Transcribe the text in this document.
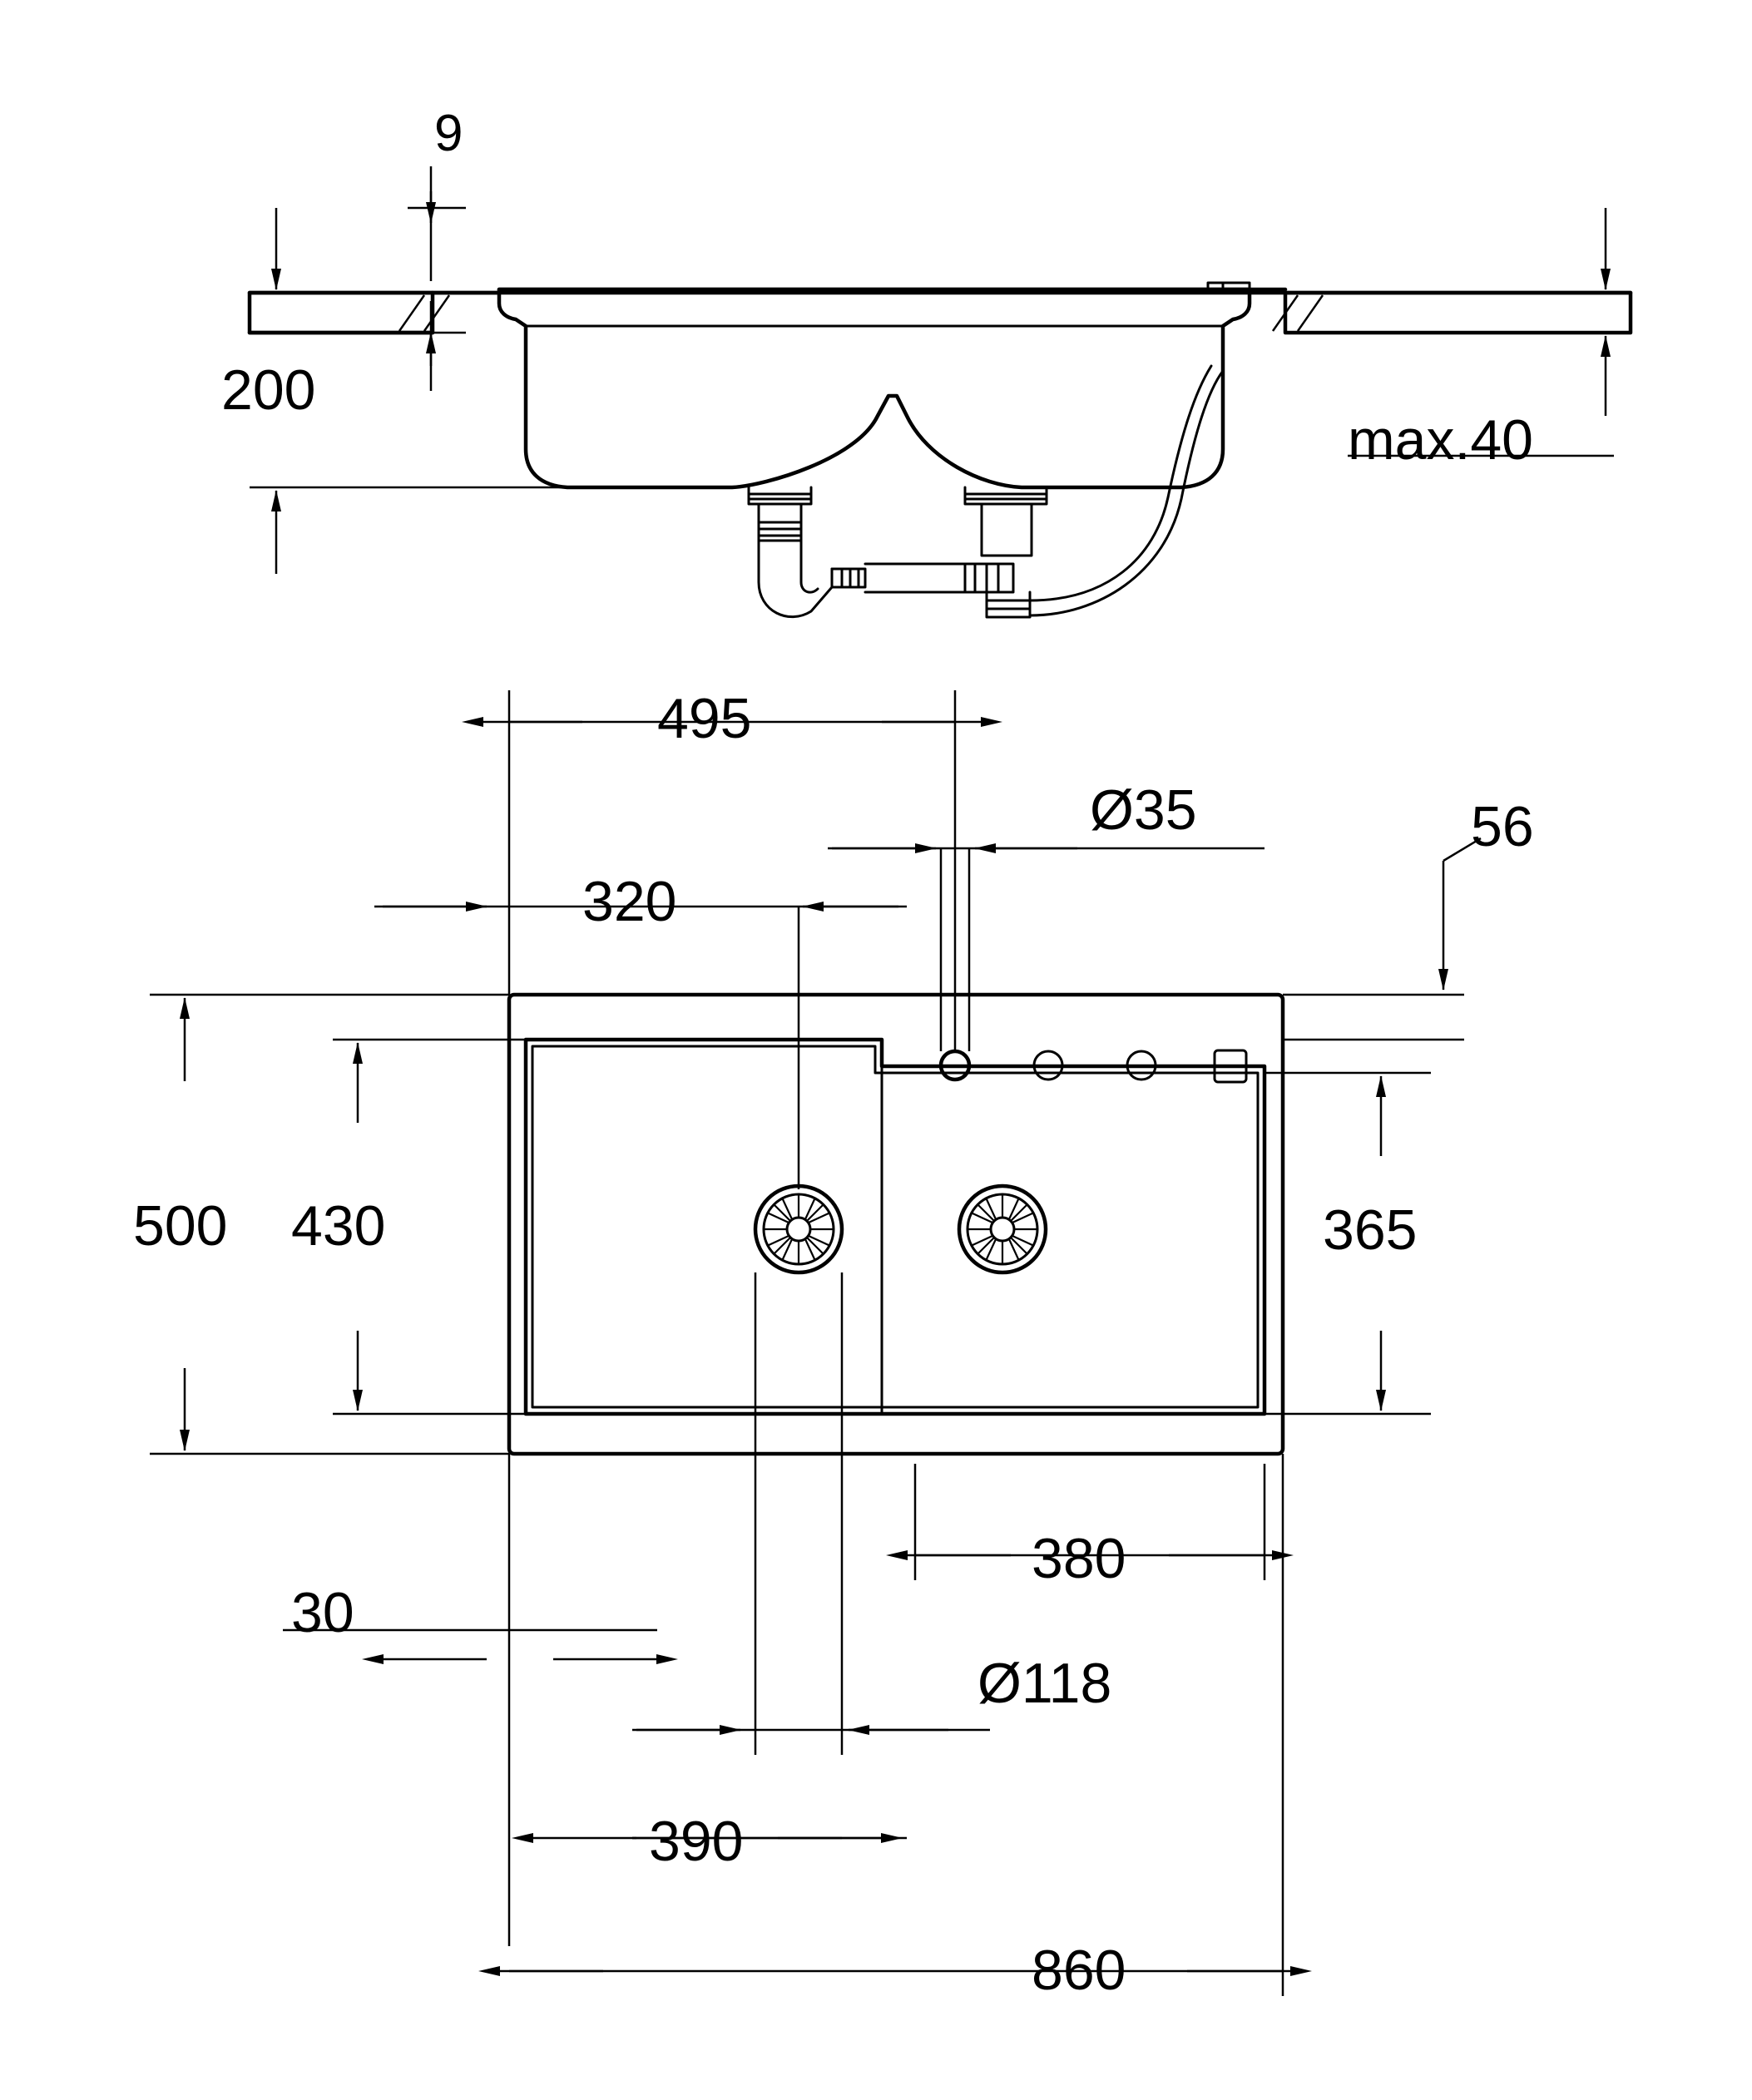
9
200
max.40
495
Ø35
320
56
500 430	365
380
Ø118
30
390
860
